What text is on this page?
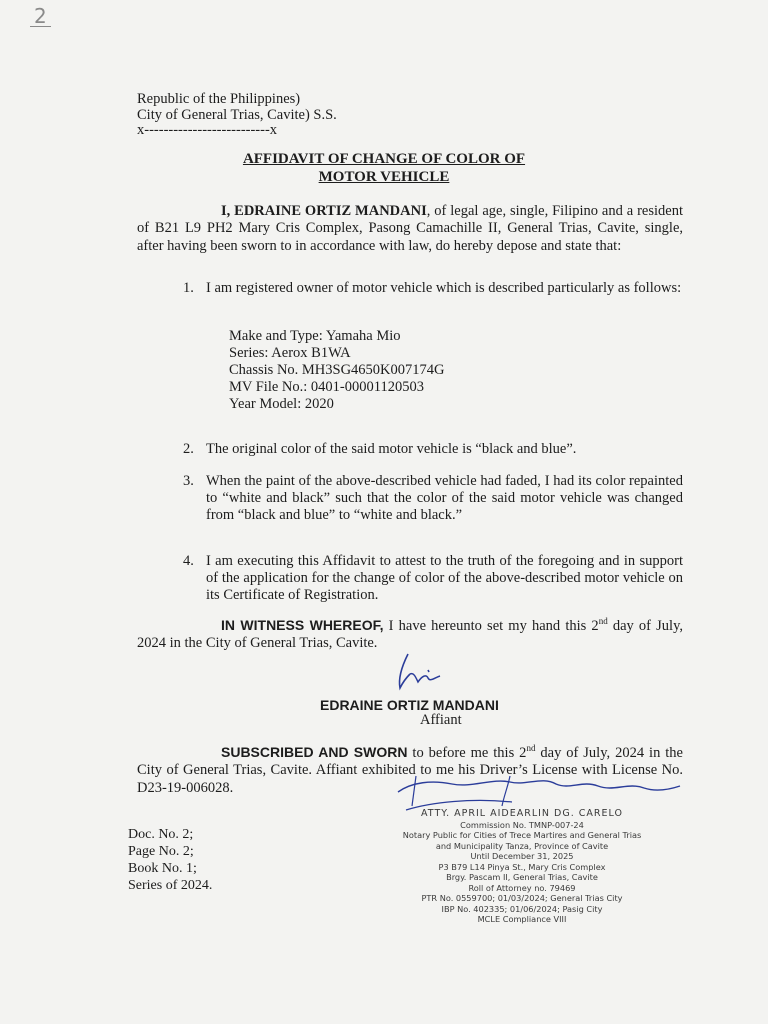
2
Republic of the Philippines)
City of General Trias, Cavite) S.S.
x--------------------------x
AFFIDAVIT OF CHANGE OF COLOR OF
MOTOR VEHICLE
I, EDRAINE ORTIZ MANDANI, of legal age, single, Filipino and a resident of B21 L9 PH2 Mary Cris Complex, Pasong Camachille II, General Trias, Cavite, single, after having been sworn to in accordance with law, do hereby depose and state that:
1. I am registered owner of motor vehicle which is described particularly as follows:
Make and Type: Yamaha Mio
Series: Aerox B1WA
Chassis No. MH3SG4650K007174G
MV File No.: 0401-00001120503
Year Model: 2020
2. The original color of the said motor vehicle is “black and blue”.
3. When the paint of the above-described vehicle had faded, I had its color repainted to “white and black” such that the color of the said motor vehicle was changed from “black and blue” to “white and black.”
4. I am executing this Affidavit to attest to the truth of the foregoing and in support of the application for the change of color of the above-described motor vehicle on its Certificate of Registration.
IN WITNESS WHEREOF, I have hereunto set my hand this 2nd day of July, 2024 in the City of General Trias, Cavite.
EDRAINE ORTIZ MANDANI
Affiant
SUBSCRIBED AND SWORN to before me this 2nd day of July, 2024 in the City of General Trias, Cavite. Affiant exhibited to me his Driver’s License with License No. D23-19-006028.
ATTY. APRIL AIDEARLIN DG. CARELO
Commission No. TMNP-007-24
Notary Public for Cities of Trece Martires and General Trias
and Municipality Tanza, Province of Cavite
Until December 31, 2025
P3 B79 L14 Pinya St., Mary Cris Complex
Brgy. Pascam II, General Trias, Cavite
Roll of Attorney no. 79469
PTR No. 0559700; 01/03/2024; General Trias City
IBP No. 402335; 01/06/2024; Pasig City
MCLE Compliance VIII
Doc. No. 2;
Page No. 2;
Book No. 1;
Series of 2024.
